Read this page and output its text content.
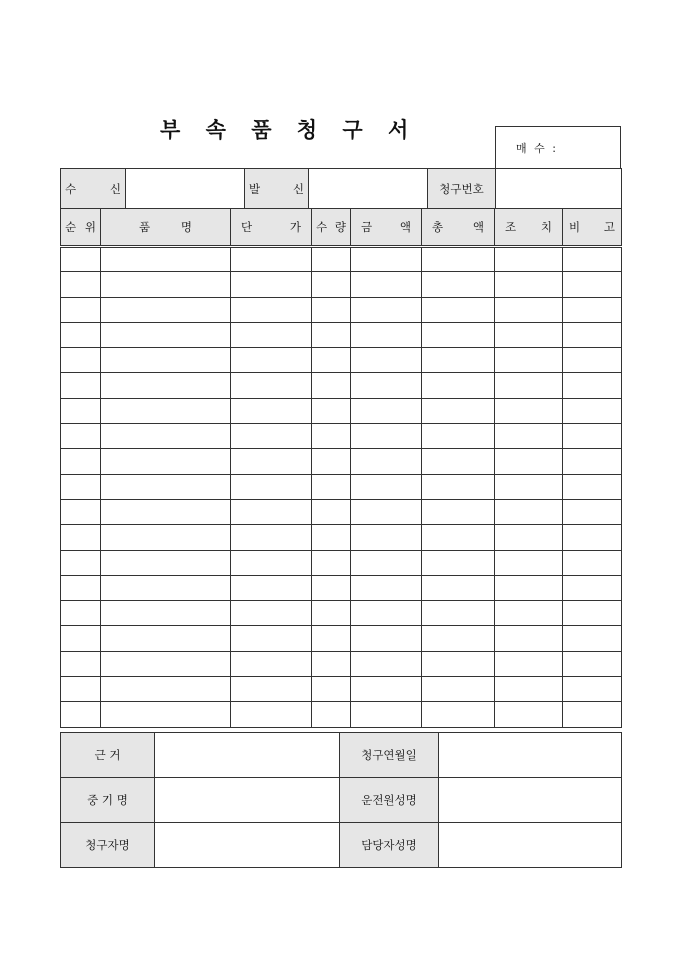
부 속 품 청 구 서
매 수 :
수 신		발 신		청구번호	
순 위	품 명	단 가	수 량	금 액	총 액	조 치	비 고

근 거		청구연월일	
중 기 명		운전원성명	
청구자명		담당자성명	
